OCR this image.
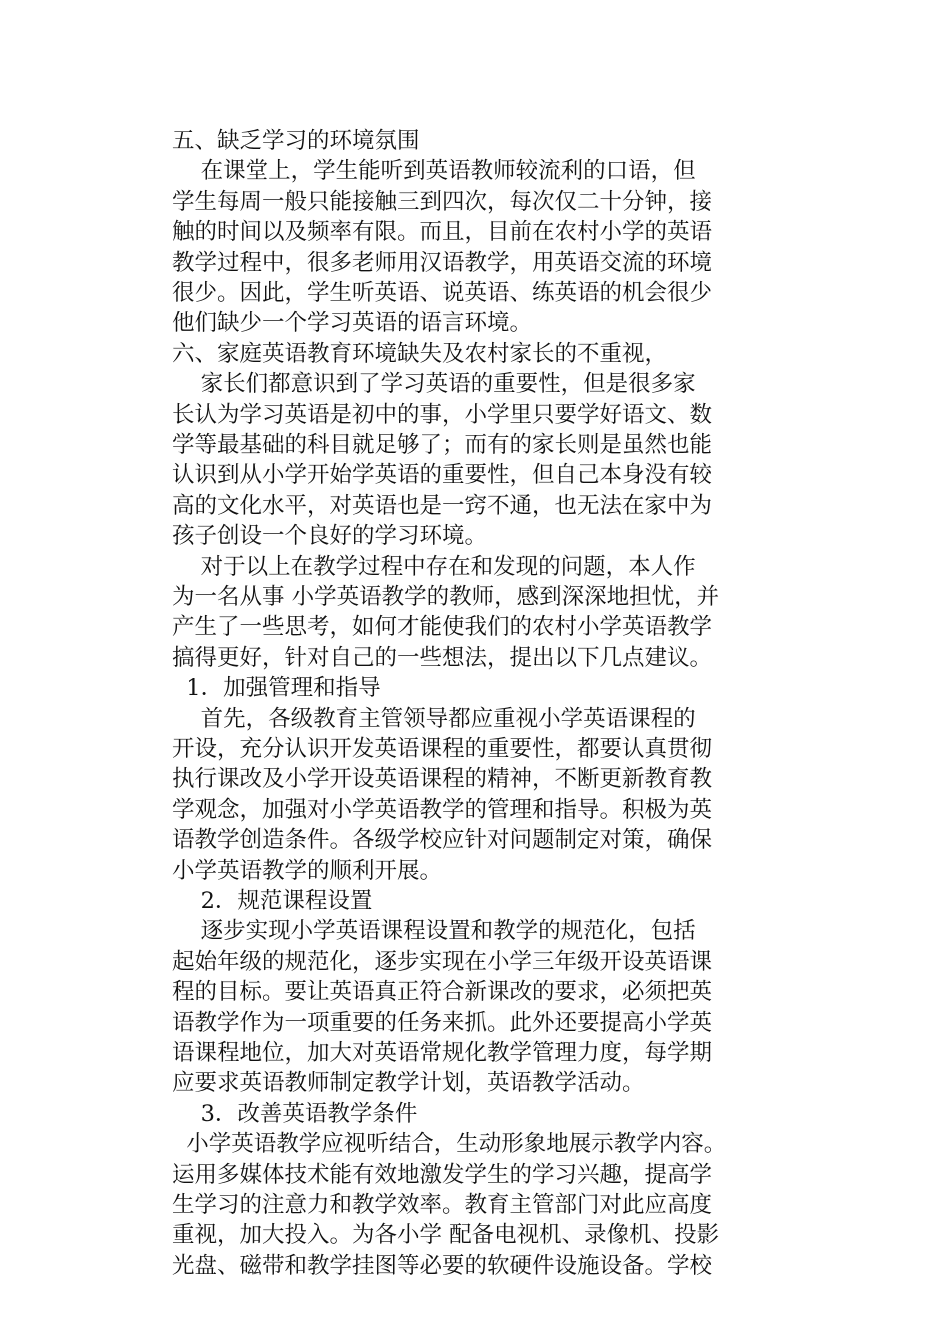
五、缺乏学习的环境氛围
在课堂上，学生能听到英语教师较流利的口语，但
学生每周一般只能接触三到四次，每次仅二十分钟，接
触的时间以及频率有限。而且，目前在农村小学的英语
教学过程中，很多老师用汉语教学，用英语交流的环境
很少。因此，学生听英语、说英语、练英语的机会很少
他们缺少一个学习英语的语言环境。
六、家庭英语教育环境缺失及农村家长的不重视，
家长们都意识到了学习英语的重要性，但是很多家
长认为学习英语是初中的事，小学里只要学好语文、数
学等最基础的科目就足够了；而有的家长则是虽然也能
认识到从小学开始学英语的重要性，但自己本身没有较
高的文化水平，对英语也是一窍不通，也无法在家中为
孩子创设一个良好的学习环境。
对于以上在教学过程中存在和发现的问题，本人作
为一名从事 小学英语教学的教师，感到深深地担忧，并
产生了一些思考，如何才能使我们的农村小学英语教学
搞得更好，针对自己的一些想法，提出以下几点建议。
1．加强管理和指导
首先，各级教育主管领导都应重视小学英语课程的
开设，充分认识开发英语课程的重要性，都要认真贯彻
执行课改及小学开设英语课程的精神，不断更新教育教
学观念，加强对小学英语教学的管理和指导。积极为英
语教学创造条件。各级学校应针对问题制定对策，确保
小学英语教学的顺利开展。
2．规范课程设置
逐步实现小学英语课程设置和教学的规范化，包括
起始年级的规范化，逐步实现在小学三年级开设英语课
程的目标。要让英语真正符合新课改的要求，必须把英
语教学作为一项重要的任务来抓。此外还要提高小学英
语课程地位，加大对英语常规化教学管理力度，每学期
应要求英语教师制定教学计划，英语教学活动。
3．改善英语教学条件
小学英语教学应视听结合，生动形象地展示教学内容。
运用多媒体技术能有效地激发学生的学习兴趣，提高学
生学习的注意力和教学效率。教育主管部门对此应高度
重视，加大投入。为各小学 配备电视机、录像机、投影
光盘、磁带和教学挂图等必要的软硬件设施设备。学校
